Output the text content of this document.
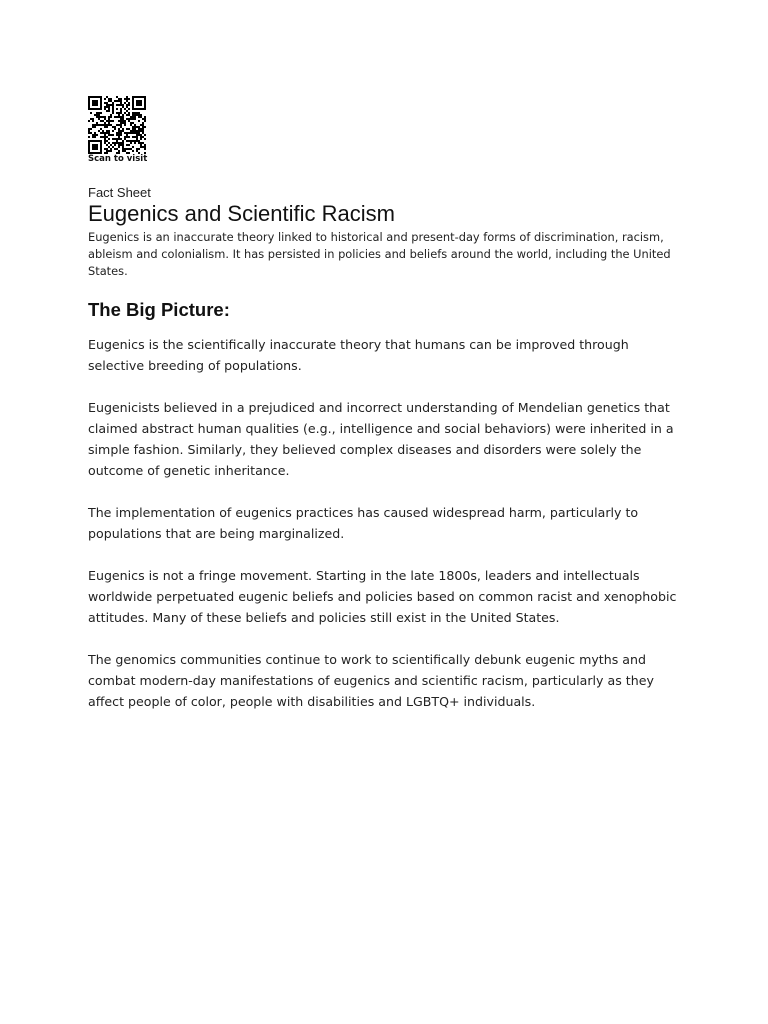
Scan to visit
Fact Sheet
Eugenics and Scientific Racism

Eugenics is an inaccurate theory linked to historical and present-day forms of discrimination, racism, ableism and colonialism. It has persisted in policies and beliefs around the world, including the United States.

The Big Picture:

Eugenics is the scientifically inaccurate theory that humans can be improved through selective breeding of populations.

Eugenicists believed in a prejudiced and incorrect understanding of Mendelian genetics that claimed abstract human qualities (e.g., intelligence and social behaviors) were inherited in a simple fashion. Similarly, they believed complex diseases and disorders were solely the outcome of genetic inheritance.

The implementation of eugenics practices has caused widespread harm, particularly to populations that are being marginalized.

Eugenics is not a fringe movement. Starting in the late 1800s, leaders and intellectuals worldwide perpetuated eugenic beliefs and policies based on common racist and xenophobic attitudes. Many of these beliefs and policies still exist in the United States.

The genomics communities continue to work to scientifically debunk eugenic myths and combat modern-day manifestations of eugenics and scientific racism, particularly as they affect people of color, people with disabilities and LGBTQ+ individuals.
